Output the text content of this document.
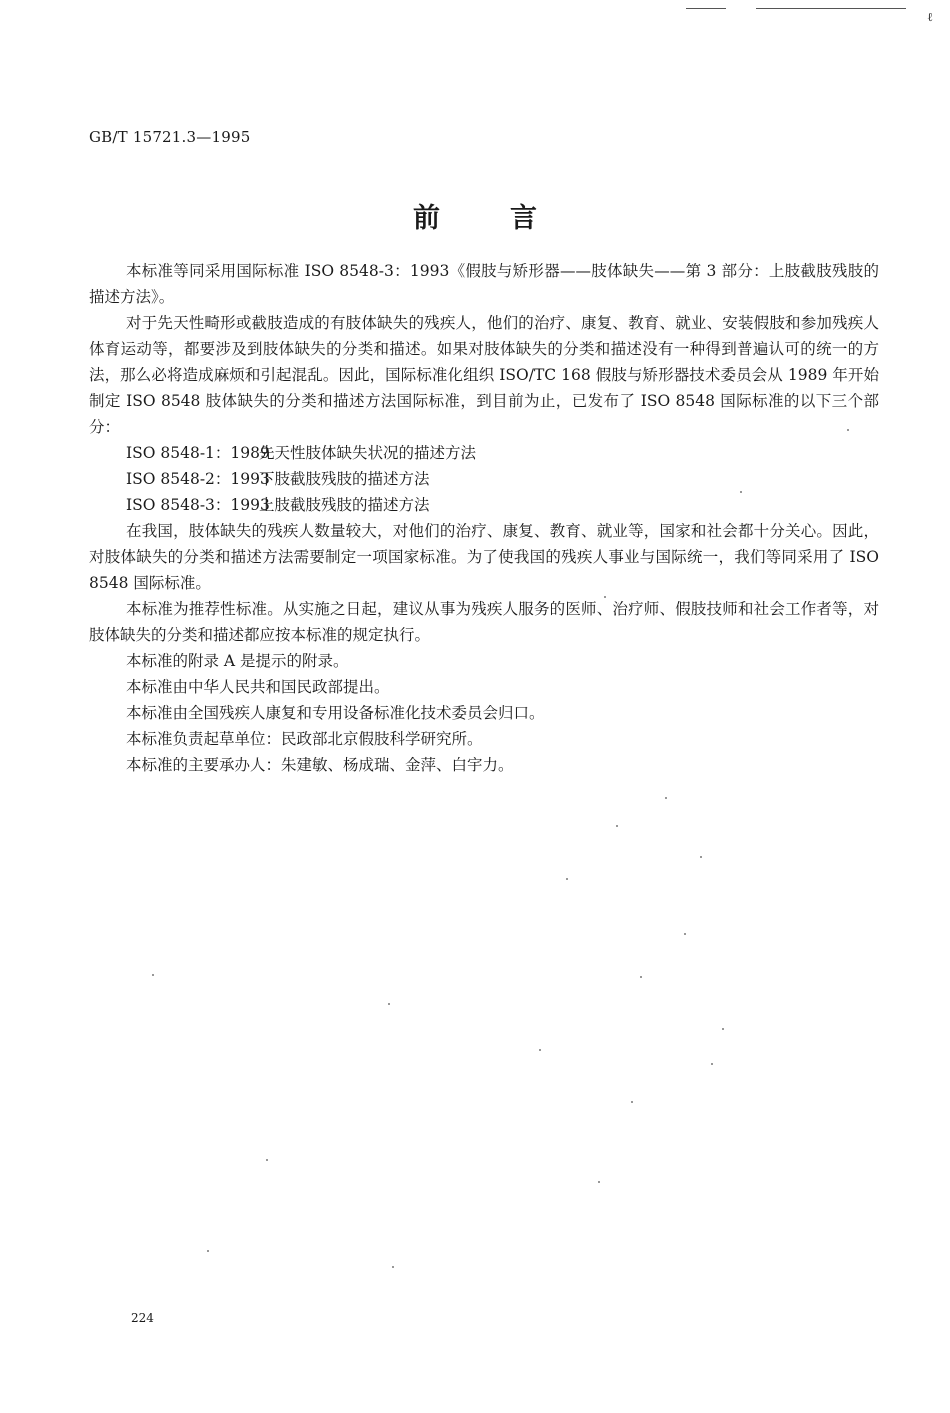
ℓ
GB/T 15721.3—1995
前言

本标准等同采用国际标准 ISO 8548-3：1993《假肢与矫形器——肢体缺失——第 3 部分：上肢截肢残肢的描述方法》。

对于先天性畸形或截肢造成的有肢体缺失的残疾人，他们的治疗、康复、教育、就业、安装假肢和参加残疾人体育运动等，都要涉及到肢体缺失的分类和描述。如果对肢体缺失的分类和描述没有一种得到普遍认可的统一的方法，那么必将造成麻烦和引起混乱。因此，国际标准化组织 ISO/TC 168 假肢与矫形器技术委员会从 1989 年开始制定 ISO 8548 肢体缺失的分类和描述方法国际标准，到目前为止，已发布了 ISO 8548 国际标准的以下三个部分：

ISO 8548-1：1989先天性肢体缺失状况的描述方法
ISO 8548-2：1993下肢截肢残肢的描述方法
ISO 8548-3：1993上肢截肢残肢的描述方法

在我国，肢体缺失的残疾人数量较大，对他们的治疗、康复、教育、就业等，国家和社会都十分关心。因此，对肢体缺失的分类和描述方法需要制定一项国家标准。为了使我国的残疾人事业与国际统一，我们等同采用了 ISO 8548 国际标准。

本标准为推荐性标准。从实施之日起，建议从事为残疾人服务的医师、治疗师、假肢技师和社会工作者等，对肢体缺失的分类和描述都应按本标准的规定执行。

本标准的附录 A 是提示的附录。

本标准由中华人民共和国民政部提出。

本标准由全国残疾人康复和专用设备标准化技术委员会归口。

本标准负责起草单位：民政部北京假肢科学研究所。

本标准的主要承办人：朱建敏、杨成瑞、金萍、白宇力。

224
